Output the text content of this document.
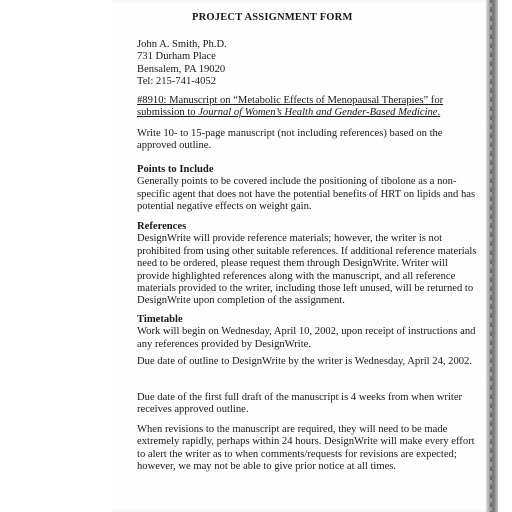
PROJECT ASSIGNMENT FORM
John A. Smith, Ph.D.
731 Durham Place
Bensalem, PA 19020
Tel: 215-741-4052
#8910: Manuscript on “Metabolic Effects of Menopausal Therapies” for submission to Journal of Women’s Health and Gender-Based Medicine.

Write 10- to 15-page manuscript (not including references) based on the approved outline.

Points to Include

Generally points to be covered include the positioning of tibolone as a non-specific agent that does not have the potential benefits of HRT on lipids and has potential negative effects on weight gain.

References

DesignWrite will provide reference materials; however, the writer is not prohibited from using other suitable references. If additional reference materials need to be ordered, please request them through DesignWrite. Writer will provide highlighted references along with the manuscript, and all reference materials provided to the writer, including those left unused, will be returned to DesignWrite upon completion of the assignment.

Timetable

Work will begin on Wednesday, April 10, 2002, upon receipt of instructions and any references provided by DesignWrite.

Due date of outline to DesignWrite by the writer is Wednesday, April 24, 2002.

Due date of the first full draft of the manuscript is 4 weeks from when writer receives approved outline.

When revisions to the manuscript are required, they will need to be made extremely rapidly, perhaps within 24 hours. DesignWrite will make every effort to alert the writer as to when comments/requests for revisions are expected; however, we may not be able to give prior notice at all times.
